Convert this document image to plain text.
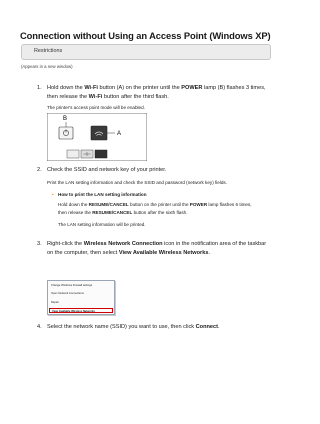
Connection without Using an Access Point (Windows XP)
Restrictions
(Appears in a new window)
1. Hold down the Wi-Fi button (A) on the printer until the POWER lamp (B) flashes 3 times,
then release the Wi-Fi button after the third flash.
The printer's access point mode will be enabled.
B
A
2. Check the SSID and network key of your printer.
Print the LAN setting information and check the SSID and password (network key) fields.
• How to print the LAN setting information
Hold down the RESUME/CANCEL button on the printer until the POWER lamp flashes 6 times,
then release the RESUME/CANCEL button after the sixth flash.
The LAN setting information will be printed.
3. Right-click the Wireless Network Connection icon in the notification area of the taskbar
on the computer, then select View Available Wireless Networks.
Change Windows Firewall settings
Open Network Connections
Repair
View Available Wireless Networks
4. Select the network name (SSID) you want to use, then click Connect.
